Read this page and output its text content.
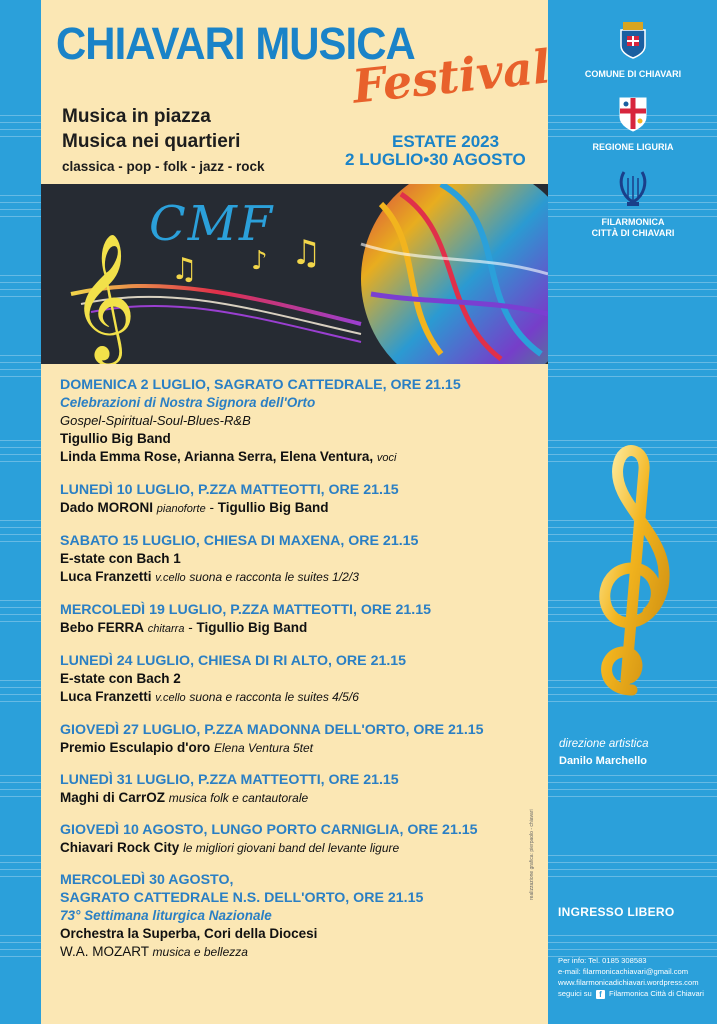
CHIAVARI MUSICA
Festival
Musica in piazza
Musica nei quartieri
classica - pop - folk - jazz - rock
ESTATE 2023
2 LUGLIO•30 AGOSTO
𝄞 ♫ ♪ ♫
CMF
DOMENICA 2 LUGLIO, SAGRATO CATTEDRALE, ORE 21.15
Celebrazioni di Nostra Signora dell'Orto
Gospel-Spiritual-Soul-Blues-R&B
Tigullio Big Band
Linda Emma Rose, Arianna Serra, Elena Ventura, voci
LUNEDÌ 10 LUGLIO, P.ZZA MATTEOTTI, ORE 21.15
Dado MORONI pianoforte - Tigullio Big Band
SABATO 15 LUGLIO, CHIESA DI MAXENA, ORE 21.15
E-state con Bach 1
Luca Franzetti v.cello suona e racconta le suites 1/2/3
MERCOLEDÌ 19 LUGLIO, P.ZZA MATTEOTTI, ORE 21.15
Bebo FERRA chitarra - Tigullio Big Band
LUNEDÌ 24 LUGLIO, CHIESA DI RI ALTO, ORE 21.15
E-state con Bach 2
Luca Franzetti v.cello suona e racconta le suites 4/5/6
GIOVEDÌ 27 LUGLIO, P.ZZA MADONNA DELL'ORTO, ORE 21.15
Premio Esculapio d'oro Elena Ventura 5tet
LUNEDÌ 31 LUGLIO, P.ZZA MATTEOTTI, ORE 21.15
Maghi di CarrOZ musica folk e cantautorale
GIOVEDÌ 10 AGOSTO, LUNGO PORTO CARNIGLIA, ORE 21.15
Chiavari Rock City le migliori giovani band del levante ligure
MERCOLEDÌ 30 AGOSTO,
SAGRATO CATTEDRALE N.S. DELL'ORTO, ORE 21.15
73° Settimana liturgica Nazionale
Orchestra la Superba, Cori della Diocesi
W.A. MOZART musica e bellezza
COMUNE DI CHIAVARI
REGIONE LIGURIA
FILARMONICA
CITTÀ DI CHIAVARI
direzione artistica
Danilo Marchello
INGRESSO LIBERO
Per info: Tel. 0185 308583
e-mail: filarmonicachiavari@gmail.com
www.filarmonicadichiavari.wordpress.com
seguici su f Filarmonica Città di Chiavari
realizzazione grafica: pierpaolo - chiavari
